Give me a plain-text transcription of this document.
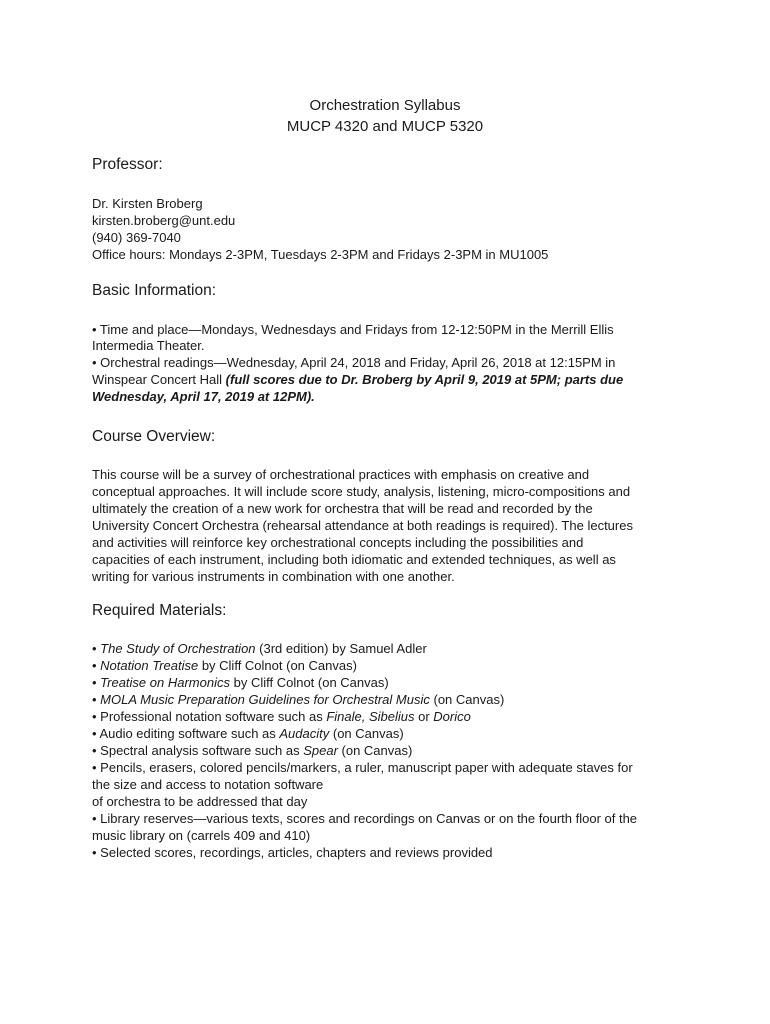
Orchestration Syllabus
MUCP 4320 and MUCP 5320
Professor:
Dr. Kirsten Broberg
kirsten.broberg@unt.edu
(940) 369-7040
Office hours: Mondays 2-3PM, Tuesdays 2-3PM and Fridays 2-3PM in MU1005
Basic Information:
• Time and place—Mondays, Wednesdays and Fridays from 12-12:50PM in the Merrill Ellis
Intermedia Theater.
• Orchestral readings—Wednesday, April 24, 2018 and Friday, April 26, 2018 at 12:15PM in
Winspear Concert Hall (full scores due to Dr. Broberg by April 9, 2019 at 5PM; parts due
Wednesday, April 17, 2019 at 12PM).
Course Overview:
This course will be a survey of orchestrational practices with emphasis on creative and
conceptual approaches. It will include score study, analysis, listening, micro-compositions and
ultimately the creation of a new work for orchestra that will be read and recorded by the
University Concert Orchestra (rehearsal attendance at both readings is required). The lectures
and activities will reinforce key orchestrational concepts including the possibilities and
capacities of each instrument, including both idiomatic and extended techniques, as well as
writing for various instruments in combination with one another.
Required Materials:
• The Study of Orchestration (3rd edition) by Samuel Adler
• Notation Treatise by Cliff Colnot (on Canvas)
• Treatise on Harmonics by Cliff Colnot (on Canvas)
• MOLA Music Preparation Guidelines for Orchestral Music (on Canvas)
• Professional notation software such as Finale, Sibelius or Dorico
• Audio editing software such as Audacity (on Canvas)
• Spectral analysis software such as Spear (on Canvas)
• Pencils, erasers, colored pencils/markers, a ruler, manuscript paper with adequate staves for
the size and access to notation software
of orchestra to be addressed that day
• Library reserves—various texts, scores and recordings on Canvas or on the fourth floor of the
music library on (carrels 409 and 410)
• Selected scores, recordings, articles, chapters and reviews provided
